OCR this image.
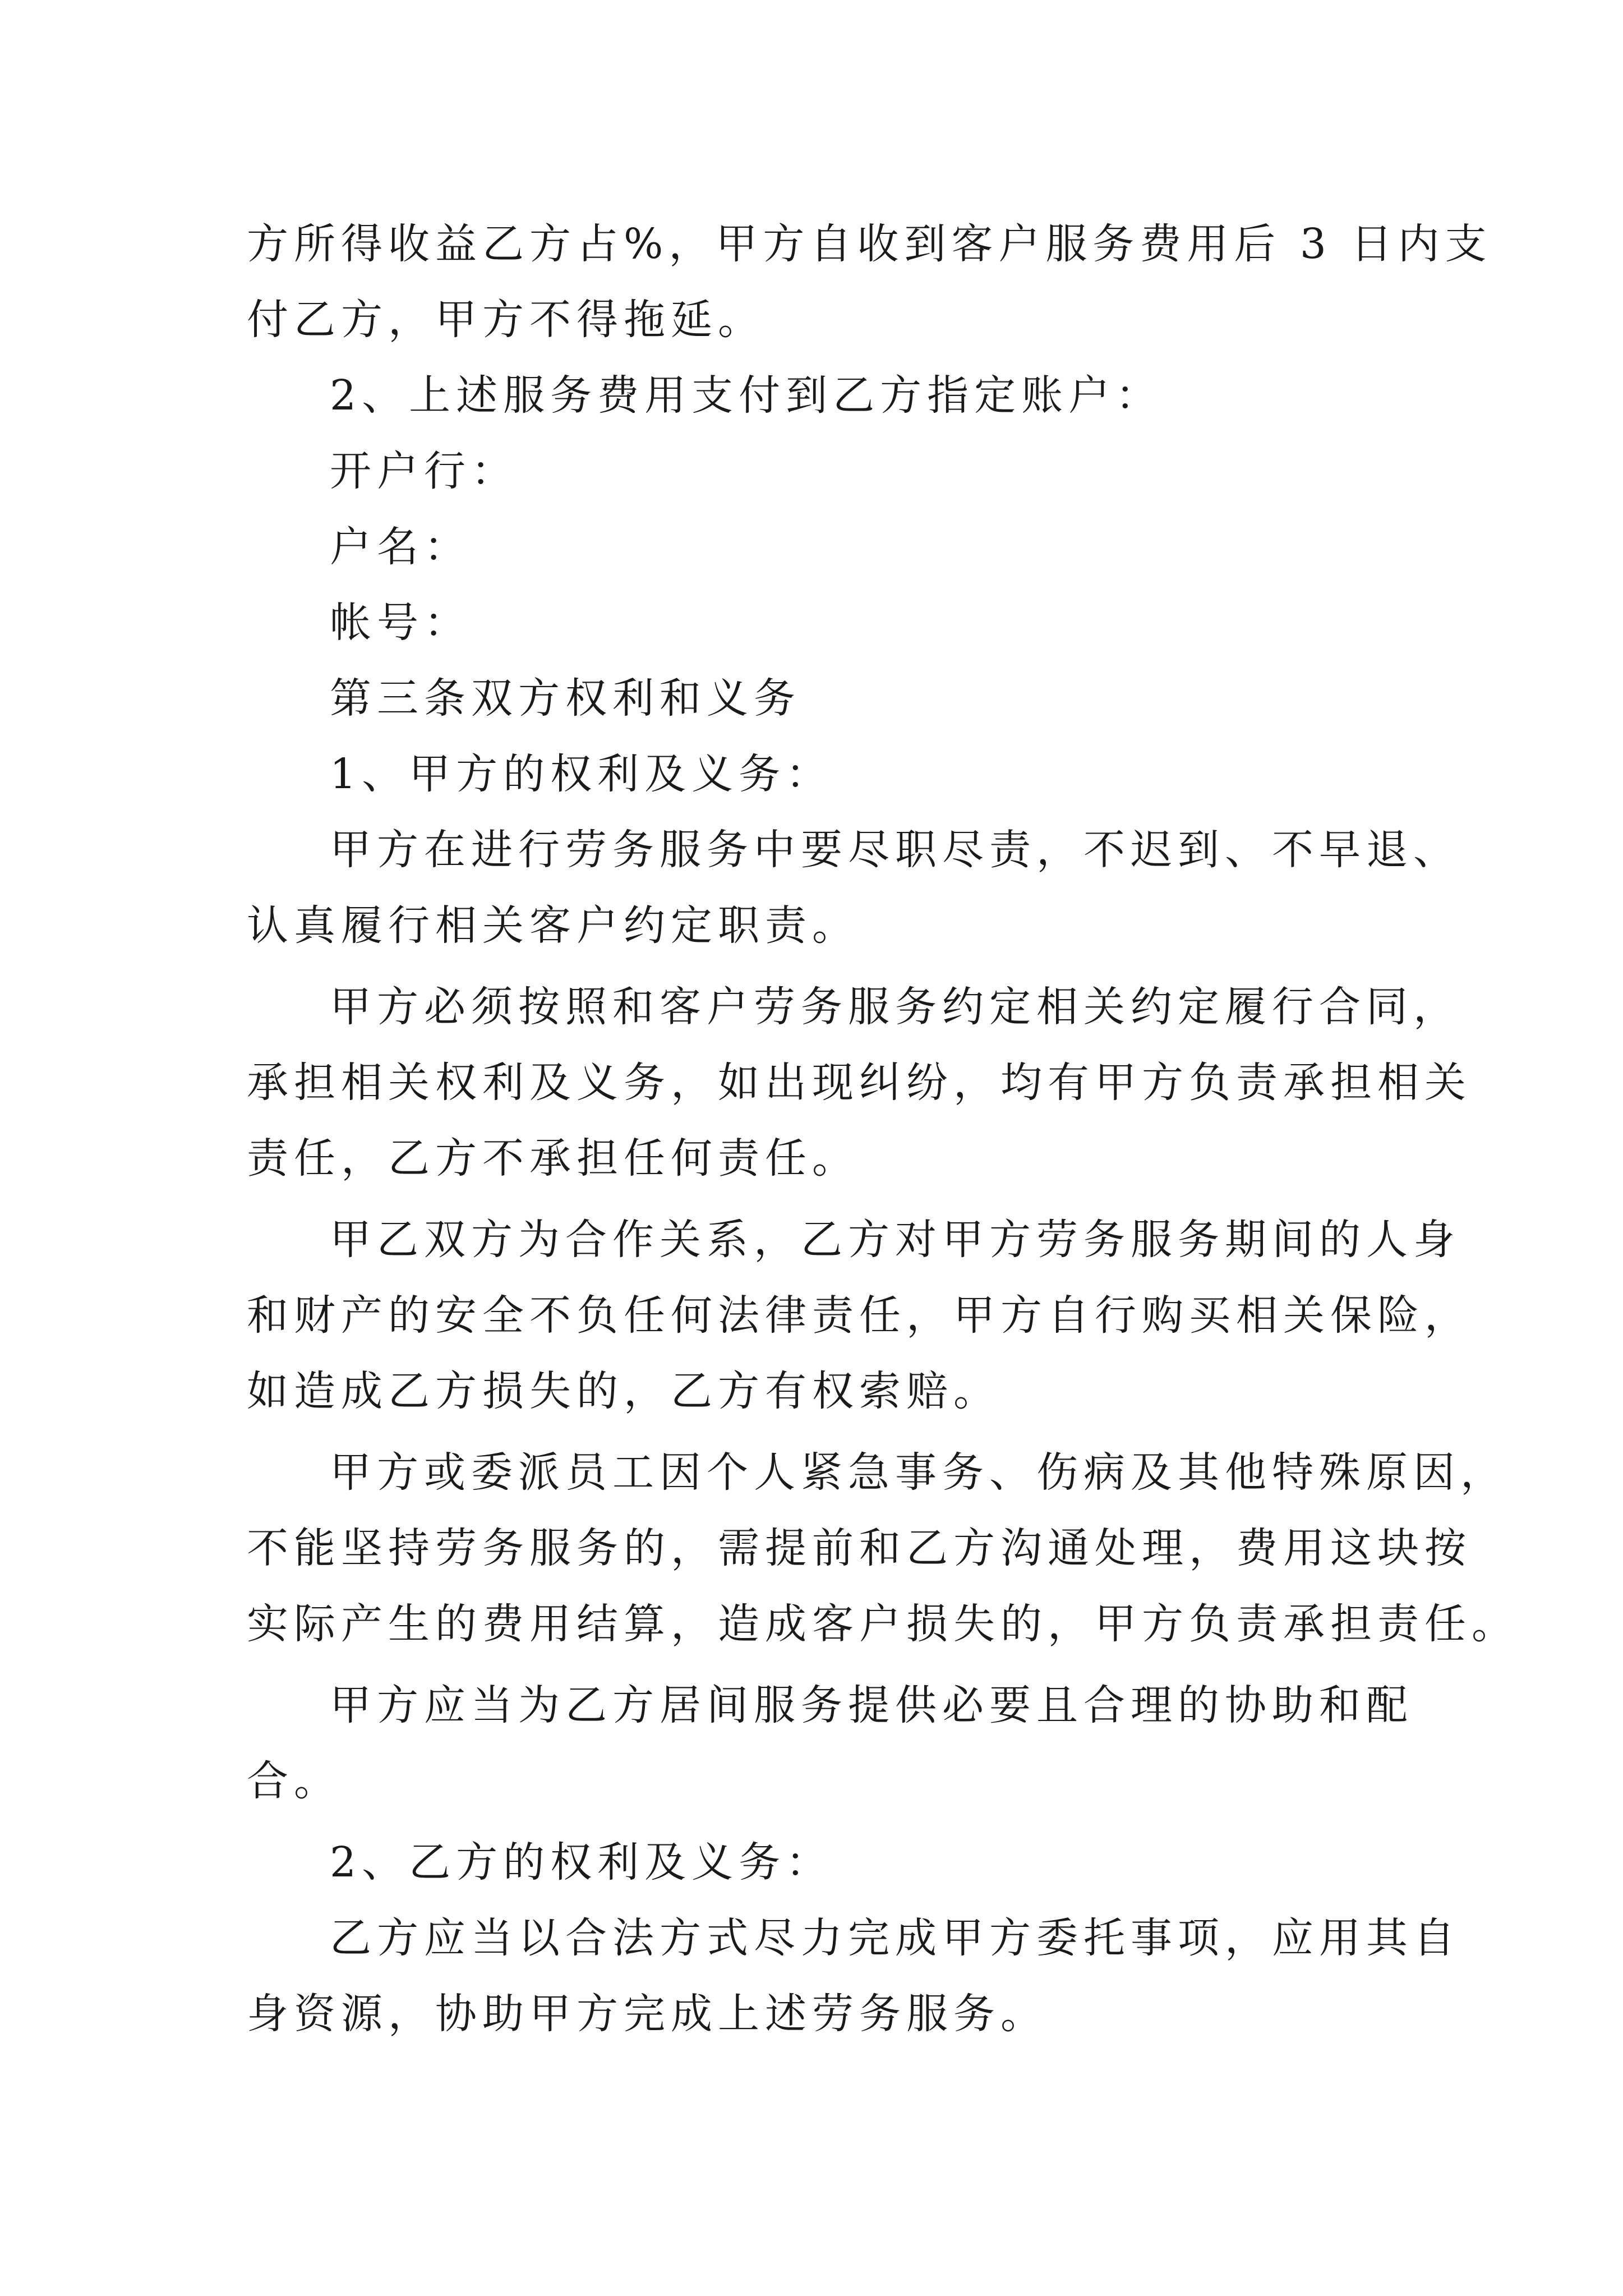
方所得收益乙方占%，甲方自收到客户服务费用后 3 日内支
付乙方，甲方不得拖延。
2、上述服务费用支付到乙方指定账户：
开户行：
户名：
帐号：
第三条双方权利和义务
1、甲方的权利及义务：
甲方在进行劳务服务中要尽职尽责，不迟到、不早退、
认真履行相关客户约定职责。
甲方必须按照和客户劳务服务约定相关约定履行合同，
承担相关权利及义务，如出现纠纷，均有甲方负责承担相关
责任，乙方不承担任何责任。
甲乙双方为合作关系，乙方对甲方劳务服务期间的人身
和财产的安全不负任何法律责任，甲方自行购买相关保险，
如造成乙方损失的，乙方有权索赔。
甲方或委派员工因个人紧急事务、伤病及其他特殊原因，
不能坚持劳务服务的，需提前和乙方沟通处理，费用这块按
实际产生的费用结算，造成客户损失的，甲方负责承担责任。
甲方应当为乙方居间服务提供必要且合理的协助和配
合。
2、乙方的权利及义务：
乙方应当以合法方式尽力完成甲方委托事项，应用其自
身资源，协助甲方完成上述劳务服务。
